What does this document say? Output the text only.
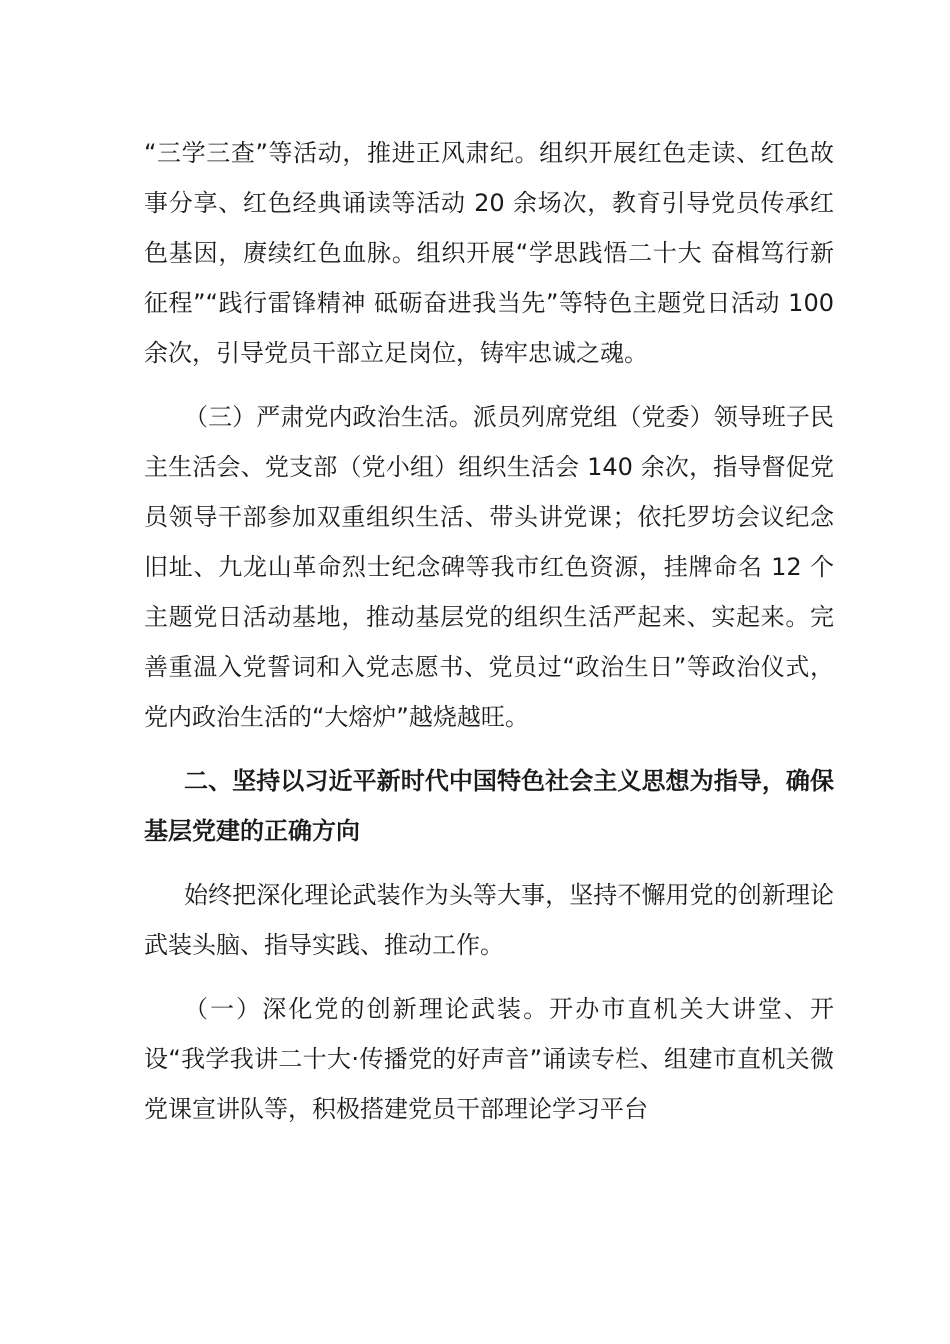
“三学三查”等活动，推进正风肃纪。组织开展红色走读、红色故事分享、红色经典诵读等活动 20 余场次，教育引导党员传承红色基因，赓续红色血脉。组织开展“学思践悟二十大 奋楫笃行新征程”“践行雷锋精神 砥砺奋进我当先”等特色主题党日活动 100 余次，引导党员干部立足岗位，铸牢忠诚之魂。

（三）严肃党内政治生活。派员列席党组（党委）领导班子民主生活会、党支部（党小组）组织生活会 140 余次，指导督促党员领导干部参加双重组织生活、带头讲党课；依托罗坊会议纪念旧址、九龙山革命烈士纪念碑等我市红色资源，挂牌命名 12 个主题党日活动基地，推动基层党的组织生活严起来、实起来。完善重温入党誓词和入党志愿书、党员过“政治生日”等政治仪式，党内政治生活的“大熔炉”越烧越旺。

二、坚持以习近平新时代中国特色社会主义思想为指导，确保基层党建的正确方向

始终把深化理论武装作为头等大事，坚持不懈用党的创新理论武装头脑、指导实践、推动工作。

（一）深化党的创新理论武装。开办市直机关大讲堂、开设“我学我讲二十大·传播党的好声音”诵读专栏、组建市直机关微党课宣讲队等，积极搭建党员干部理论学习平台
